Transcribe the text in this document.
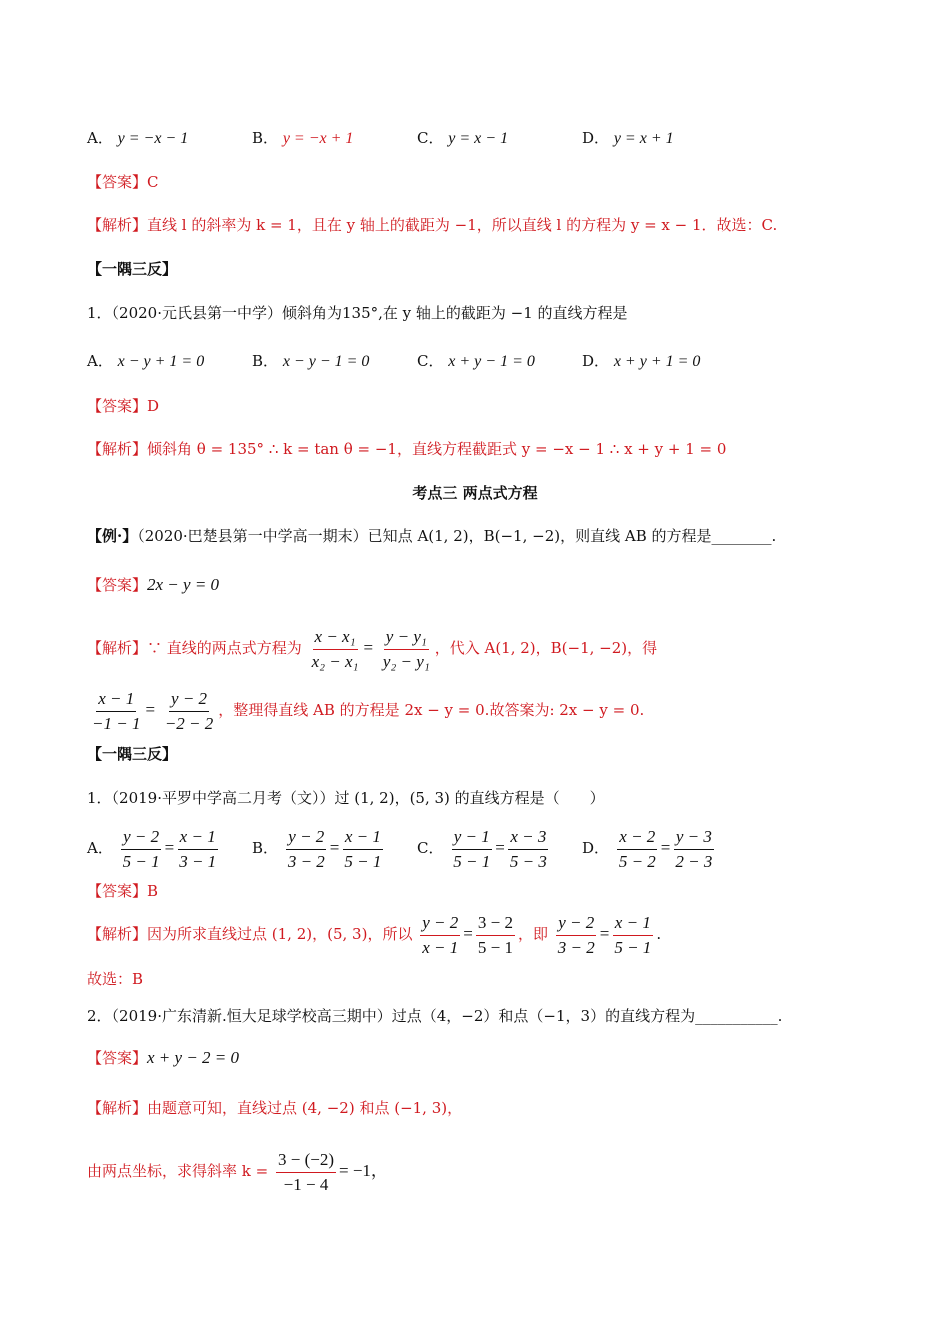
A． y = −x − 1	B． y = −x + 1	C． y = x − 1	D． y = x + 1
【答案】C
【解析】直线 l 的斜率为 k = 1，且在 y 轴上的截距为 −1，所以直线 l 的方程为 y = x − 1．故选：C.
【一隅三反】
1．（2020·元氏县第一中学）倾斜角为135°,在 y 轴上的截距为 −1 的直线方程是
A． x − y + 1 = 0	B． x − y − 1 = 0	C． x + y − 1 = 0	D． x + y + 1 = 0
【答案】D
【解析】倾斜角 θ = 135° ∴ k = tan θ = −1，直线方程截距式 y = −x − 1 ∴ x + y + 1 = 0
考点三 两点式方程
【例·】（2020·巴楚县第一中学高一期末）已知点 A(1, 2)，B(−1, −2)，则直线 AB 的方程是________.
【答案】2x − y = 0
【解析】∵ 直线的两点式方程为 $\frac{\text{x − x₁}}{\text{x₂ − x₁}} = \frac{\text{y − y₁}}{\text{y₂ − y₁}}$ ，代入 A(1, 2)，B(−1, −2)，得
$\frac{x - 1}{-1 - 1} = \frac{y - 2}{-2 - 2}$ ，整理得直线 AB 的方程是 2x − y = 0.故答案为: 2x − y = 0.
【一隅三反】
1．（2019·平罗中学高二月考（文））过 (1, 2)，(5, 3) 的直线方程是（　　）
A． $\frac{y - 2}{5 - 1} = \frac{x - 1}{3 - 1}$ B． $\frac{y - 2}{3 - 2} = \frac{x - 1}{5 - 1}$ C． $\frac{y - 1}{5 - 1} = \frac{x - 3}{5 - 3}$ D． $\frac{x - 2}{5 - 2} = \frac{y - 3}{2 - 3}$
【答案】B
【解析】因为所求直线过点 (1, 2)，(5, 3)，所以 $\frac{y - 2}{x - 1} = \frac{3 - 2}{5 - 1}$ ，即 $\frac{y - 2}{3 - 2} = \frac{x - 1}{5 - 1}$ .
故选：B
2．（2019·广东清新.恒大足球学校高三期中）过点（4，−2）和点（−1，3）的直线方程为___________.
【答案】x + y − 2 = 0
【解析】由题意可知，直线过点 (4, −2) 和点 (−1, 3)，
由两点坐标，求得斜率 $k = \frac{3 - (-2)}{-1 - 4} = -1$，
